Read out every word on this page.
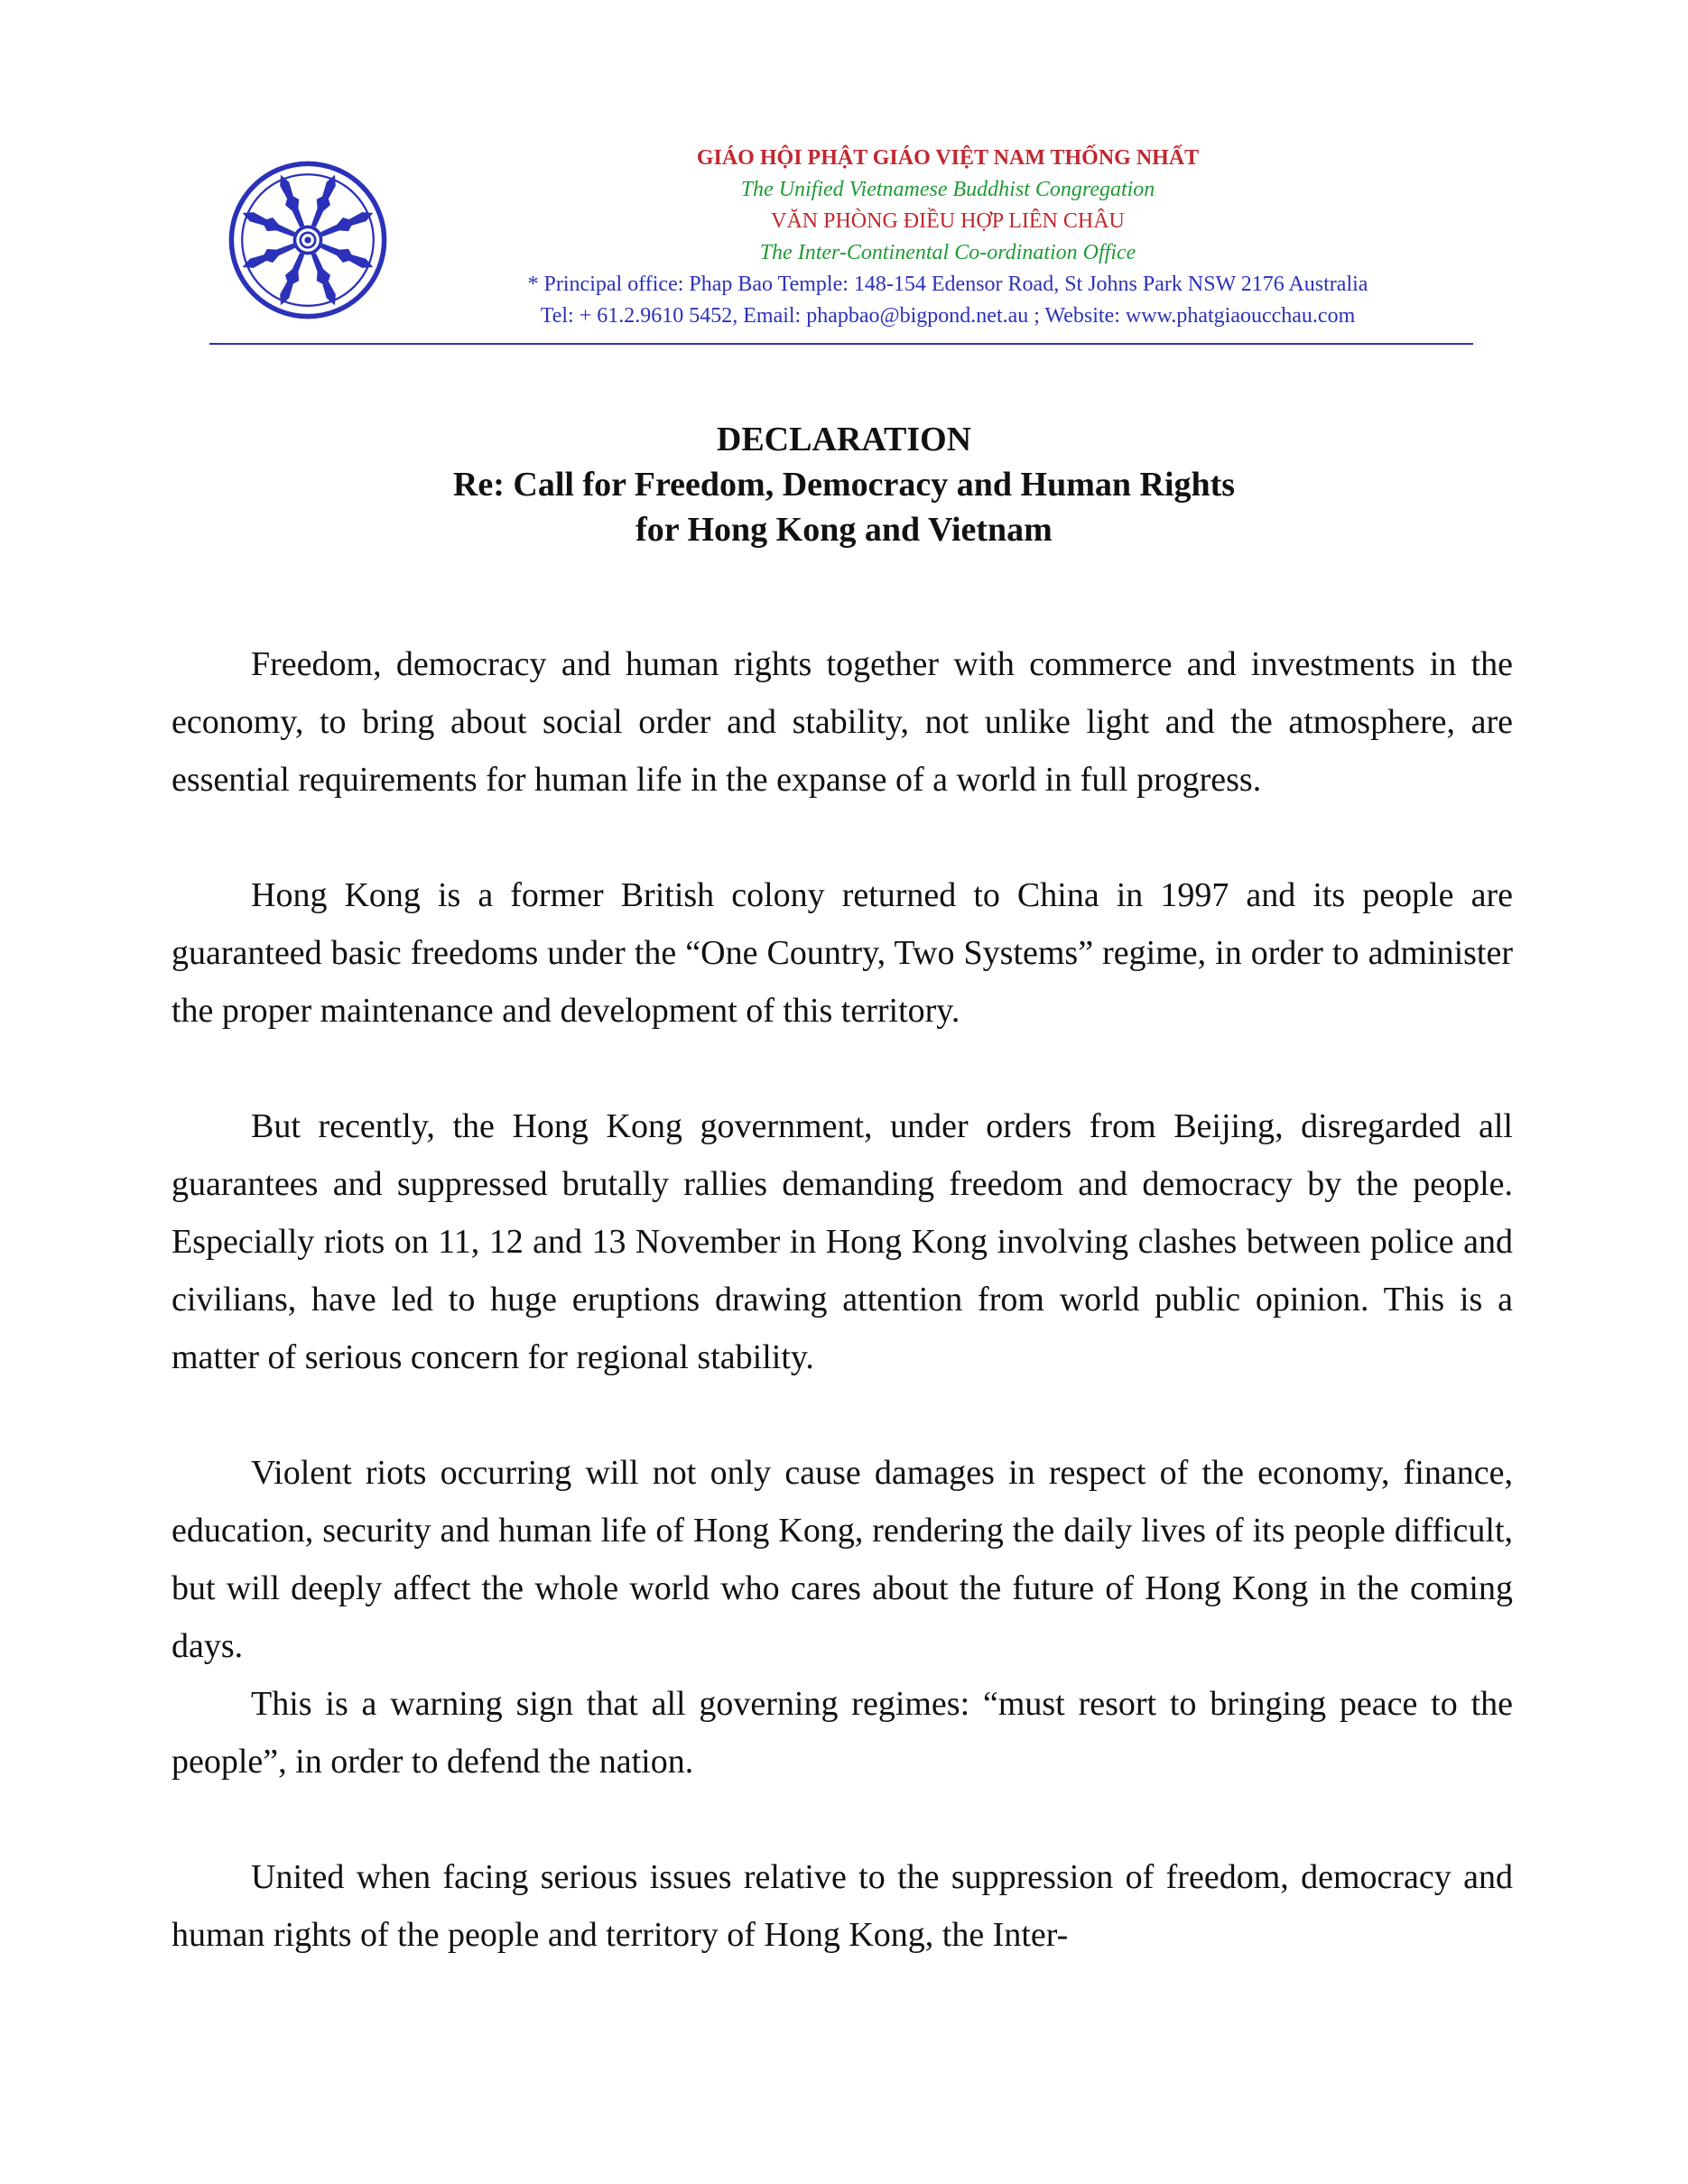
GIÁO HỘI PHẬT GIÁO VIỆT NAM THỐNG NHẤT
The Unified Vietnamese Buddhist Congregation
VĂN PHÒNG ĐIỀU HỢP LIÊN CHÂU
The Inter-Continental Co-ordination Office
* Principal office: Phap Bao Temple: 148-154 Edensor Road, St Johns Park NSW 2176 Australia
Tel: + 61.2.9610 5452, Email: phapbao@bigpond.net.au ; Website: www.phatgiaoucchau.com
DECLARATION
Re: Call for Freedom, Democracy and Human Rights
for Hong Kong and Vietnam

Freedom, democracy and human rights together with commerce and investments in the economy, to bring about social order and stability, not unlike light and the atmosphere, are essential requirements for human life in the expanse of a world in full progress.

Hong Kong is a former British colony returned to China in 1997 and its people are guaranteed basic freedoms under the “One Country, Two Systems” regime, in order to administer the proper maintenance and development of this territory.

But recently, the Hong Kong government, under orders from Beijing, disregarded all guarantees and suppressed brutally rallies demanding freedom and democracy by the people. Especially riots on 11, 12 and 13 November in Hong Kong involving clashes between police and civilians, have led to huge eruptions drawing attention from world public opinion. This is a matter of serious concern for regional stability.

Violent riots occurring will not only cause damages in respect of the economy, finance, education, security and human life of Hong Kong, rendering the daily lives of its people difficult, but will deeply affect the whole world who cares about the future of Hong Kong in the coming days.

This is a warning sign that all governing regimes: “must resort to bringing peace to the people”, in order to defend the nation.

United when facing serious issues relative to the suppression of freedom, democracy and human rights of the people and territory of Hong Kong, the Inter-
